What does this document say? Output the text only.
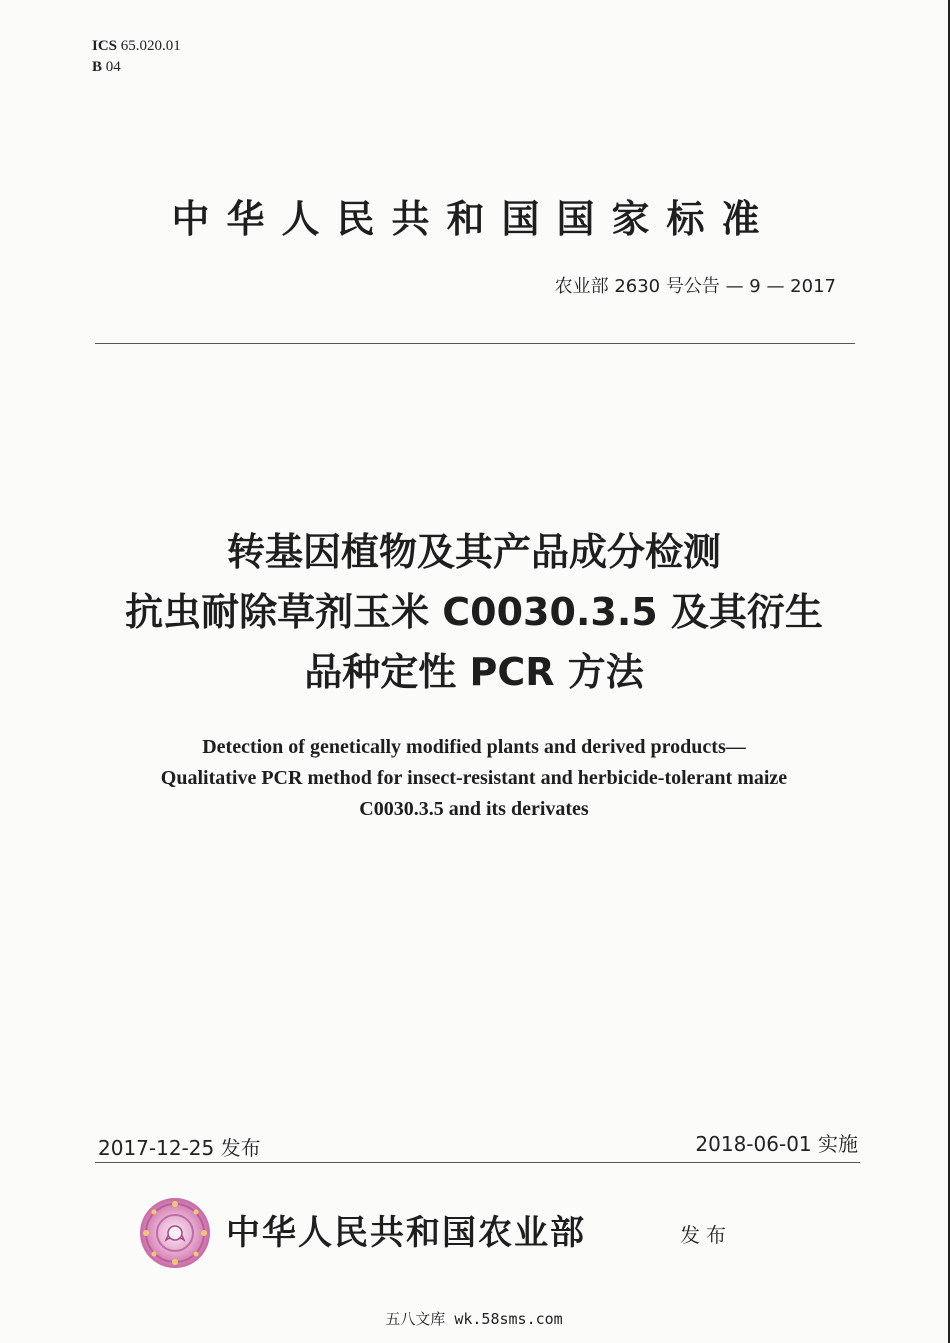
ICS 65.020.01
B 04
中华人民共和国国家标准
农业部 2630 号公告 — 9 — 2017
转基因植物及其产品成分检测
抗虫耐除草剂玉米 C0030.3.5 及其衍生
品种定性 PCR 方法
Detection of genetically modified plants and derived products—
Qualitative PCR method for insect-resistant and herbicide-tolerant maize
C0030.3.5 and its derivates
2017-12-25 发布	2018-06-01 实施
中华人民共和国农业部	发布
五八文库 wk.58sms.com
